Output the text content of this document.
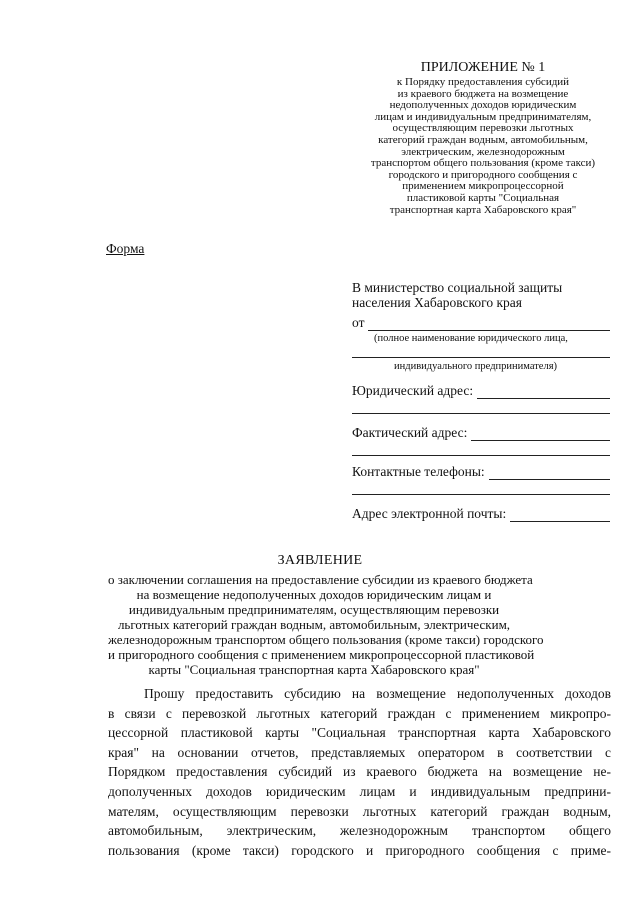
ПРИЛОЖЕНИЕ № 1
к Порядку предоставления субсидий
из краевого бюджета на возмещение
недополученных доходов юридическим
лицам и индивидуальным предпринимателям,
осуществляющим перевозки льготных
категорий граждан водным, автомобильным,
электрическим, железнодорожным
транспортом общего пользования (кроме такси)
городского и пригородного сообщения с
применением микропроцессорной
пластиковой карты "Социальная
транспортная карта Хабаровского края"
Форма
В министерство социальной защиты
населения Хабаровского края
от
(полное наименование юридического лица,
индивидуального предпринимателя)
Юридический адрес:
Фактический адрес:
Контактные телефоны:
Адрес электронной почты:
ЗАЯВЛЕНИЕ
о заключении соглашения на предоставление субсидии из краевого бюджета
на возмещение недополученных доходов юридическим лицам и
индивидуальным предпринимателям, осуществляющим перевозки
льготных категорий граждан водным, автомобильным, электрическим,
железнодорожным транспортом общего пользования (кроме такси) городского
и пригородного сообщения с применением микропроцессорной пластиковой
карты "Социальная транспортная карта Хабаровского края"
Прошу предоставить субсидию на возмещение недополученных доходов
в связи с перевозкой льготных категорий граждан с применением микропро-
цессорной пластиковой карты "Социальная транспортная карта Хабаровского
края" на основании отчетов, представляемых оператором в соответствии с
Порядком предоставления субсидий из краевого бюджета на возмещение не-
дополученных доходов юридическим лицам и индивидуальным предприни-
мателям, осуществляющим перевозки льготных категорий граждан водным,
автомобильным, электрическим, железнодорожным транспортом общего
пользования (кроме такси) городского и пригородного сообщения с приме-
